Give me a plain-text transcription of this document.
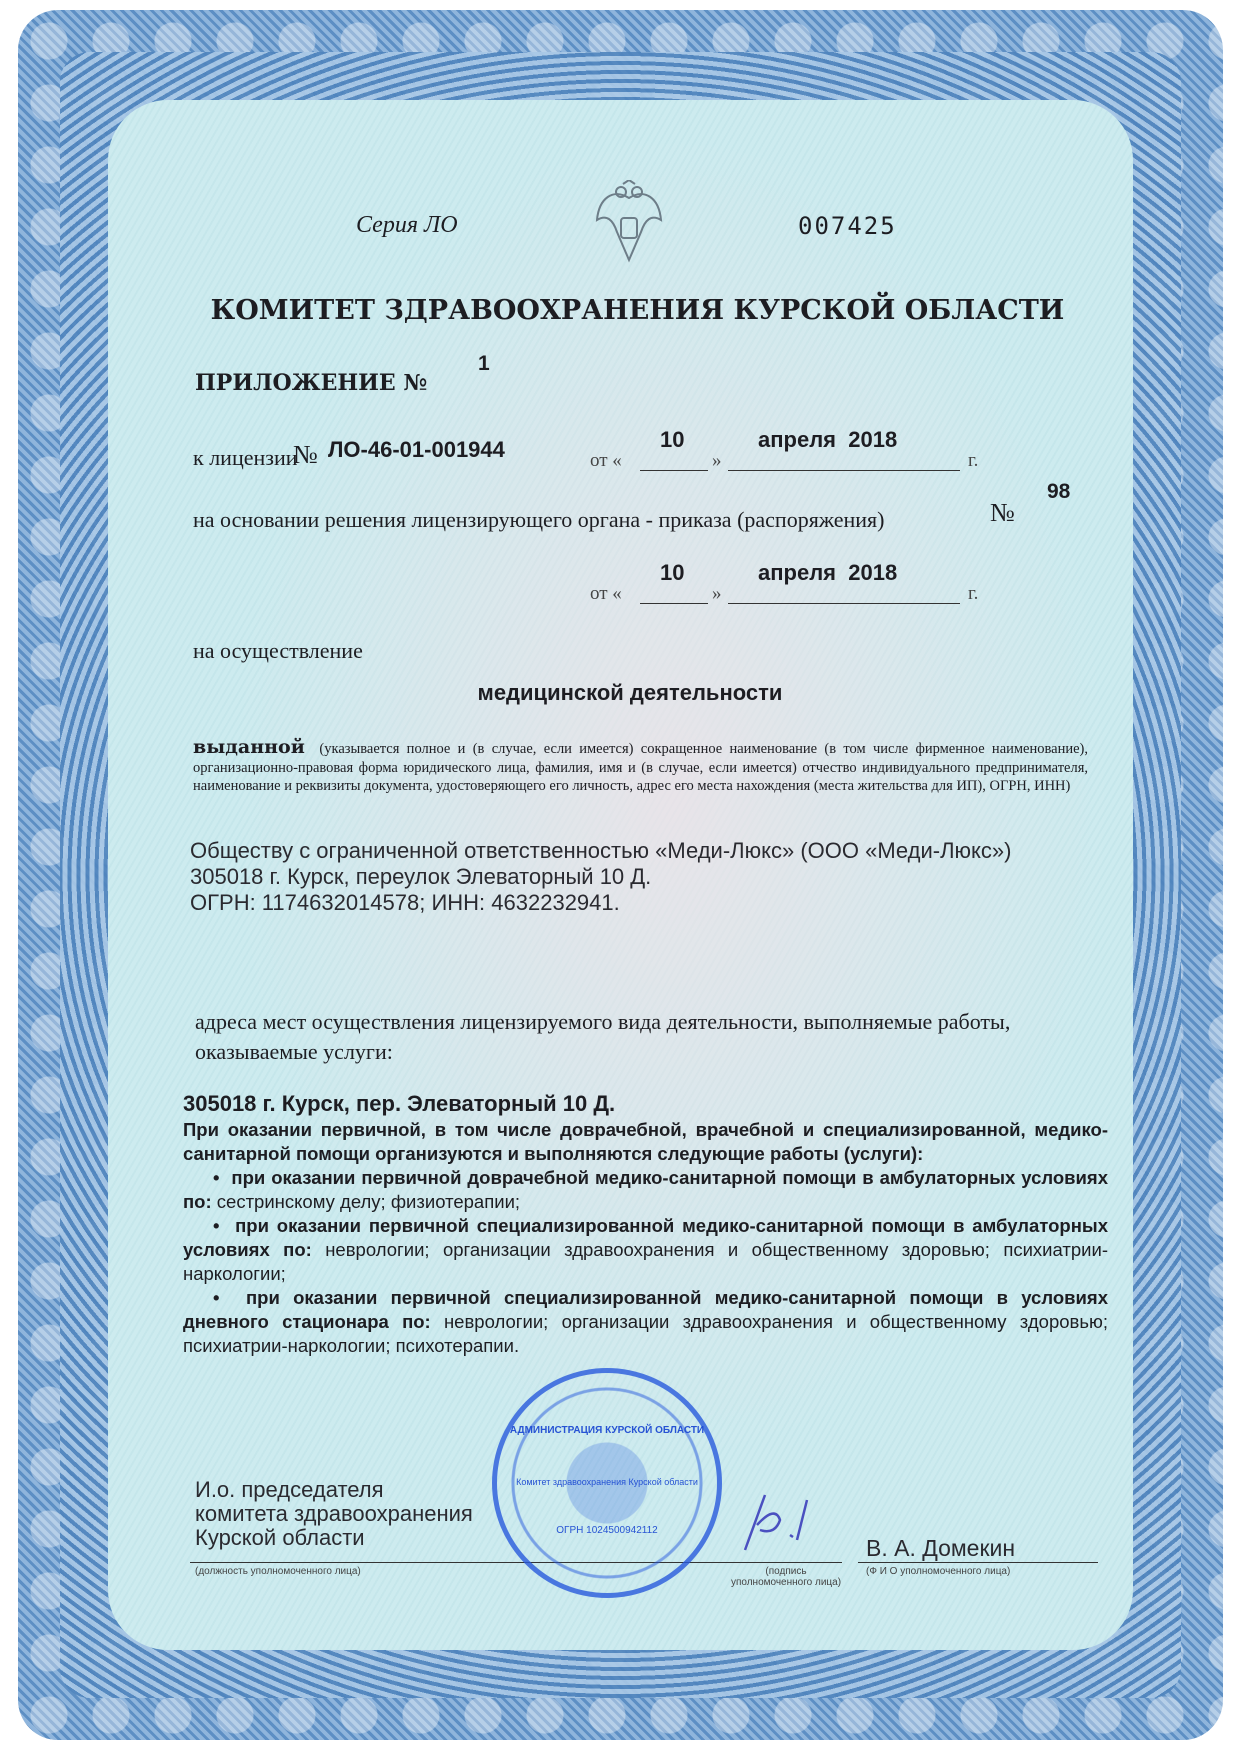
Серия ЛО	007425
КОМИТЕТ ЗДРАВООХРАНЕНИЯ КУРСКОЙ ОБЛАСТИ
ПРИЛОЖЕНИЕ №
1
к лицензии
№ ЛО-46-01-001944	от «
10
»
апреля  2018
г.
на основании решения лицензирующего органа - приказа (распоряжения)	№
98
от «
10
»
апреля  2018
г.
на осуществление
медицинской деятельности
выданной (указывается полное и (в случае, если имеется) сокращенное наименование (в том числе фирменное наименование), организационно-правовая форма юридического лица, фамилия, имя и (в случае, если имеется) отчество индивидуального предпринимателя, наименование и реквизиты документа, удостоверяющего его личность, адрес его места нахождения (места жительства для ИП), ОГРН, ИНН)
Обществу с ограниченной ответственностью «Меди-Люкс» (ООО «Меди-Люкс»)
305018 г. Курск, переулок Элеваторный 10 Д.
ОГРН: 1174632014578; ИНН: 4632232941.
адреса мест осуществления лицензируемого вида деятельности, выполняемые работы, оказываемые услуги:
305018 г. Курск, пер. Элеваторный 10 Д.

При оказании первичной, в том числе доврачебной, врачебной и специализированной, медико-санитарной помощи организуются и выполняются следующие работы (услуги):

•  при оказании первичной доврачебной медико-санитарной помощи в амбулаторных условиях по: сестринскому делу; физиотерапии;

•  при оказании первичной специализированной медико-санитарной помощи в амбулаторных условиях по: неврологии; организации здравоохранения и общественному здоровью; психиатрии-наркологии;

•  при оказании первичной специализированной медико-санитарной помощи в условиях дневного стационара по: неврологии; организации здравоохранения и общественному здоровью; психиатрии-наркологии; психотерапии.

И.о. председателя
комитета здравоохранения
Курской области
(должность уполномоченного лица)	(подпись уполномоченного лица)
В. А. Домекин
(Ф И О уполномоченного лица)
АДМИНИСТРАЦИЯ КУРСКОЙ ОБЛАСТИ
Комитет здравоохранения Курской области
ОГРН 1024500942112
